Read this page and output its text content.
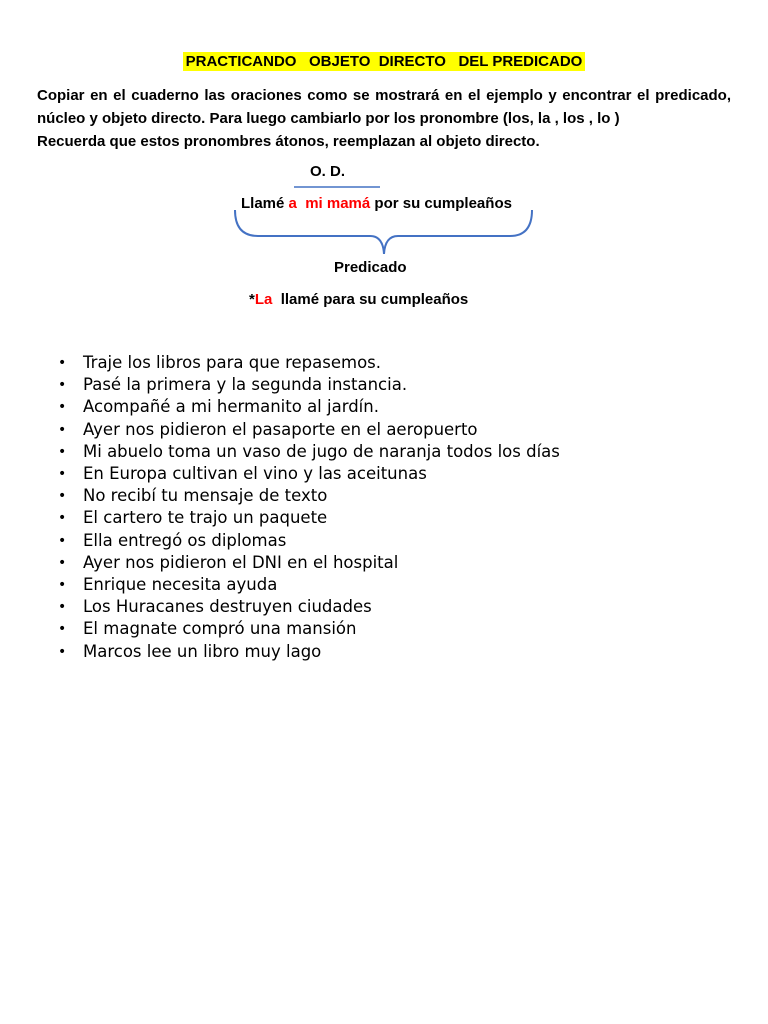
PRACTICANDO   OBJETO  DIRECTO   DEL PREDICADO

Copiar en el cuaderno las oraciones como se mostrará en el ejemplo y encontrar el predicado, núcleo y objeto directo. Para luego cambiarlo por los pronombre (los, la , los , lo )

Recuerda que estos pronombres átonos, reemplazan al objeto directo.

O. D.
Llamé a  mi mamá por su cumpleaños
Predicado
*La  llamé para su cumpleaños
• Traje los libros para que repasemos.
• Pasé la primera y la segunda instancia.
• Acompañé a mi hermanito al jardín.
• Ayer nos pidieron el pasaporte en el aeropuerto
• Mi abuelo toma un vaso de jugo de naranja todos los días
• En Europa cultivan el vino y las aceitunas
• No recibí tu mensaje de texto
• El cartero te trajo un paquete
• Ella entregó os diplomas
• Ayer nos pidieron el DNI en el hospital
• Enrique necesita ayuda
• Los Huracanes destruyen ciudades
• El magnate compró una mansión
• Marcos lee un libro muy lago
